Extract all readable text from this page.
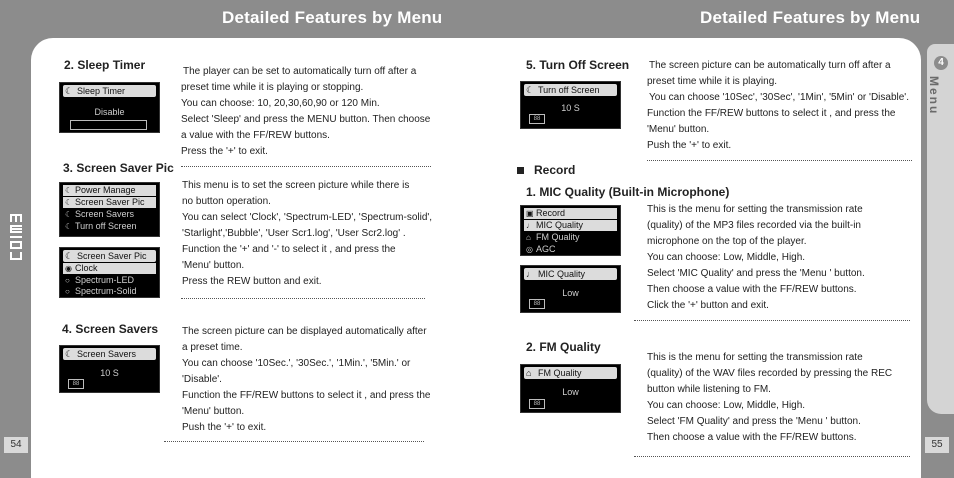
Detailed Features by Menu	Detailed Features by Menu
4
Menu
54	55
2. Sleep Timer
☾ Sleep Timer
Disable
The player can be set to automatically turn off after a
preset time while it is playing or stopping.
You can choose: 10, 20,30,60,90 or 120 Min.
Select 'Sleep' and press the MENU button. Then choose
a value with the FF/REW buttons.
Press the '+' to exit.
3. Screen Saver Pic
☾ Power Manage
☾ Screen Saver Pic
☾ Screen Savers
☾ Turn off Screen
☾ Screen Saver Pic
◉ Clock
○ Spectrum-LED
○ Spectrum-Solid
This menu is to set the screen picture while there is
no button operation.
You can select 'Clock', 'Spectrum-LED', 'Spectrum-solid',
'Starlight','Bubble', 'User Scr1.log', 'User Scr2.log' .
Function the '+' and '-' to select it , and press the
'Menu' button.
Press the REW button and exit.
4. Screen Savers
☾ Screen Savers
10 S
88
The screen picture can be displayed automatically after
a preset time.
You can choose '10Sec.', '30Sec.', '1Min.', '5Min.' or
'Disable'.
Function the FF/REW buttons to select it , and press the
'Menu' button.
Push the '+' to exit.
5. Turn Off Screen
☾ Turn off Screen
10 S
88
The screen picture can be automatically turn off after a
preset time while it is playing.
You can choose '10Sec', '30Sec', '1Min', '5Min' or 'Disable'.
Function the FF/REW buttons to select it , and press the
'Menu' button.
Push the '+' to exit.
Record
1. MIC Quality (Built-in Microphone)
▣ Record
♩ MIC Quality
⌂ FM Quality
◎ AGC
♩ MIC Quality
Low
88
This is the menu for setting the transmission rate
(quality) of the MP3 files recorded via the built-in
microphone on the top of the player.
You can choose: Low, Middle, High.
Select 'MIC Quality' and press the 'Menu ' button.
Then choose a value with the FF/REW buttons.
Click the '+' button and exit.
2. FM Quality
⌂ FM Quality
Low
88
This is the menu for setting the transmission rate
(quality) of the WAV files recorded by pressing the REC
button while listening to FM.
You can choose: Low, Middle, High.
Select 'FM Quality' and press the 'Menu ' button.
Then choose a value with the FF/REW buttons.
